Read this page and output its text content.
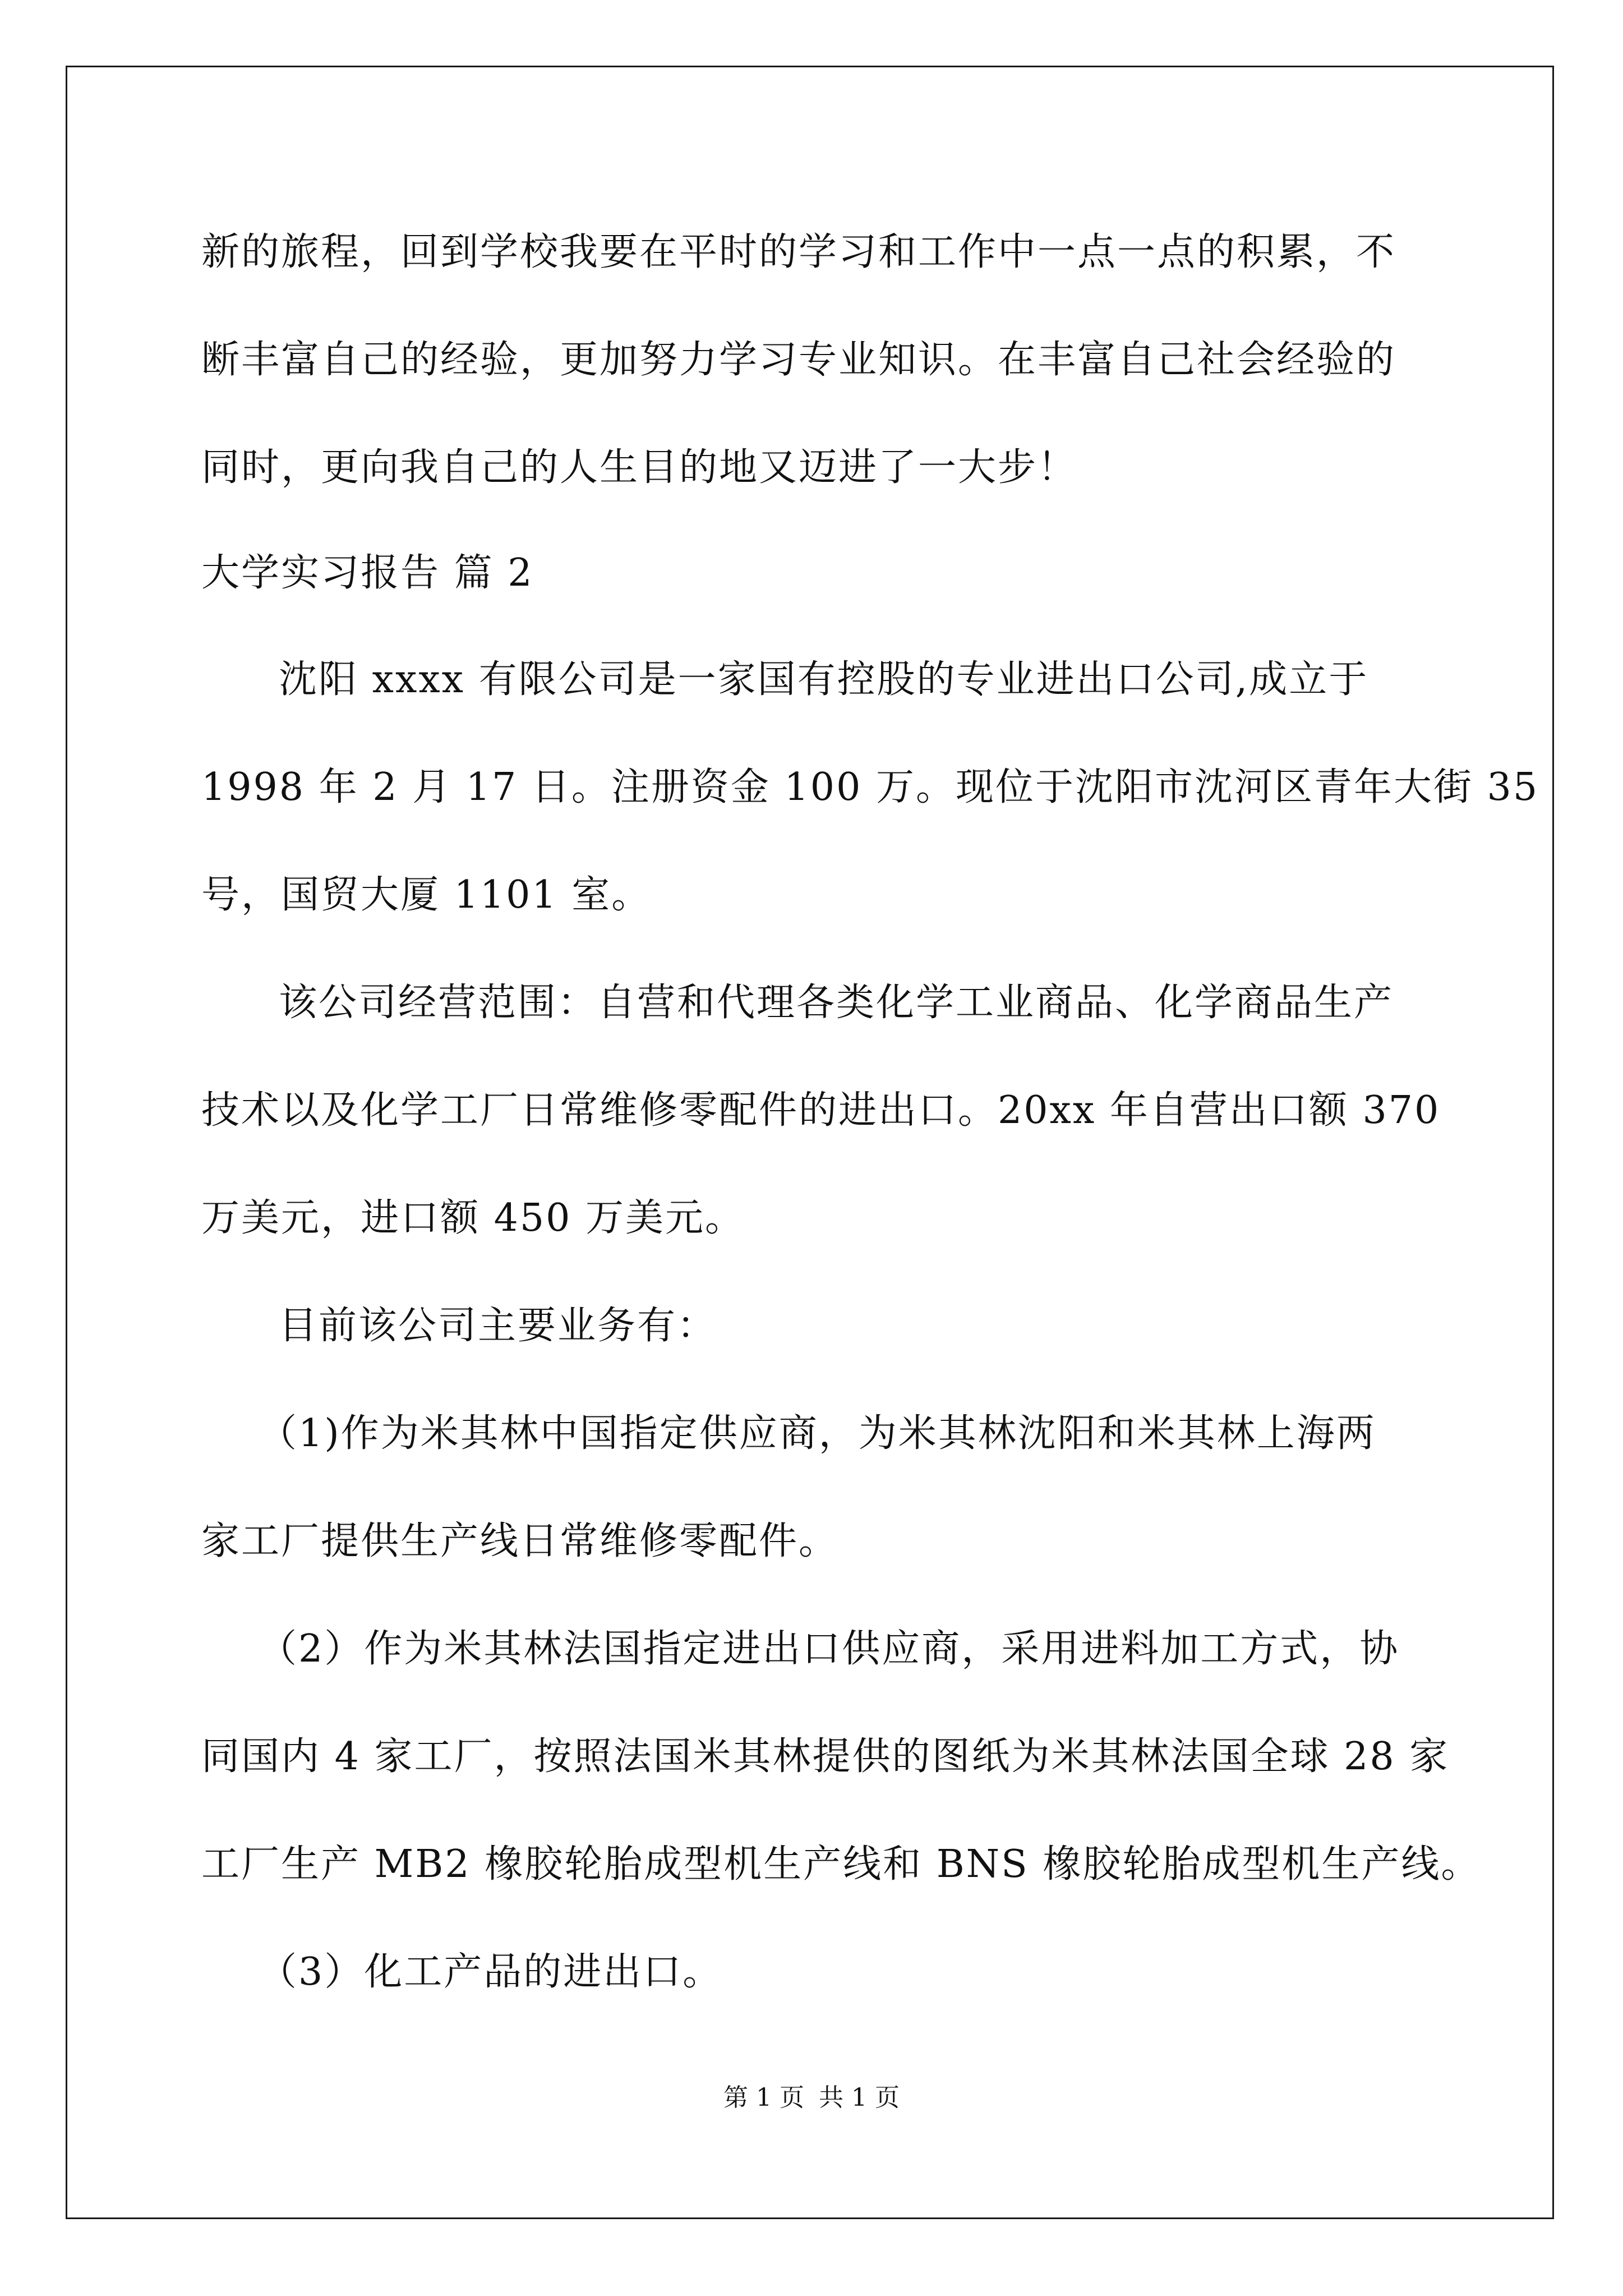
新的旅程，回到学校我要在平时的学习和工作中一点一点的积累，不
断丰富自己的经验，更加努力学习专业知识。在丰富自己社会经验的
同时，更向我自己的人生目的地又迈进了一大步！
大学实习报告 篇 2
沈阳 xxxx 有限公司是一家国有控股的专业进出口公司,成立于
1998 年 2 月 17 日。注册资金 100 万。现位于沈阳市沈河区青年大街 35
号，国贸大厦 1101 室。
该公司经营范围：自营和代理各类化学工业商品、化学商品生产
技术以及化学工厂日常维修零配件的进出口。20xx 年自营出口额 370
万美元，进口额 450 万美元。
目前该公司主要业务有：
（1)作为米其林中国指定供应商，为米其林沈阳和米其林上海两
家工厂提供生产线日常维修零配件。
（2）作为米其林法国指定进出口供应商，采用进料加工方式，协
同国内 4 家工厂，按照法国米其林提供的图纸为米其林法国全球 28 家
工厂生产 MB2 橡胶轮胎成型机生产线和 BNS 橡胶轮胎成型机生产线。
（3）化工产品的进出口。
第 1 页 共 1 页
